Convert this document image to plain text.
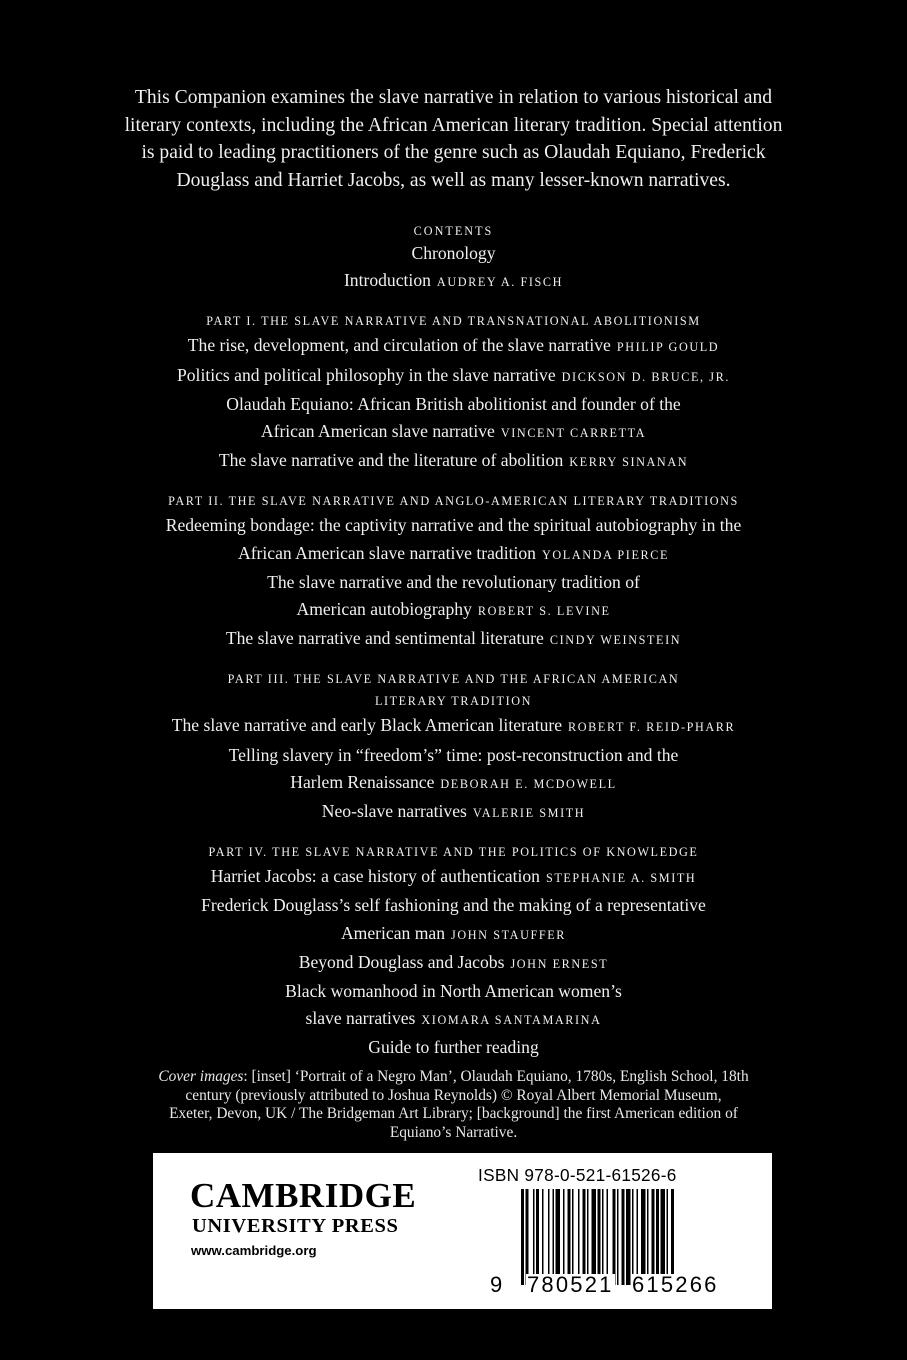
This Companion examines the slave narrative in relation to various historical and
literary contexts, including the African American literary tradition. Special attention
is paid to leading practitioners of the genre such as Olaudah Equiano, Frederick
Douglass and Harriet Jacobs, as well as many lesser-known narratives.
CONTENTS
Chronology
Introduction AUDREY A. FISCH
PART I. THE SLAVE NARRATIVE AND TRANSNATIONAL ABOLITIONISM
The rise, development, and circulation of the slave narrative PHILIP GOULD
Politics and political philosophy in the slave narrative DICKSON D. BRUCE, JR.
Olaudah Equiano: African British abolitionist and founder of the
African American slave narrative VINCENT CARRETTA
The slave narrative and the literature of abolition KERRY SINANAN
PART II. THE SLAVE NARRATIVE AND ANGLO-AMERICAN LITERARY TRADITIONS
Redeeming bondage: the captivity narrative and the spiritual autobiography in the
African American slave narrative tradition YOLANDA PIERCE
The slave narrative and the revolutionary tradition of
American autobiography ROBERT S. LEVINE
The slave narrative and sentimental literature CINDY WEINSTEIN
PART III. THE SLAVE NARRATIVE AND THE AFRICAN AMERICAN
LITERARY TRADITION
The slave narrative and early Black American literature ROBERT F. REID-PHARR
Telling slavery in “freedom’s” time: post-reconstruction and the
Harlem Renaissance DEBORAH E. MCDOWELL
Neo-slave narratives VALERIE SMITH
PART IV. THE SLAVE NARRATIVE AND THE POLITICS OF KNOWLEDGE
Harriet Jacobs: a case history of authentication STEPHANIE A. SMITH
Frederick Douglass’s self fashioning and the making of a representative
American man JOHN STAUFFER
Beyond Douglass and Jacobs JOHN ERNEST
Black womanhood in North American women’s
slave narratives XIOMARA SANTAMARINA
Guide to further reading
Cover images: [inset] ‘Portrait of a Negro Man’, Olaudah Equiano, 1780s, English School, 18th
century (previously attributed to Joshua Reynolds) © Royal Albert Memorial Museum,
Exeter, Devon, UK / The Bridgeman Art Library; [background] the first American edition of
Equiano’s Narrative.
CAMBRIDGE
UNIVERSITY PRESS
www.cambridge.org
ISBN 978-0-521-61526-6
9 780521 615266
